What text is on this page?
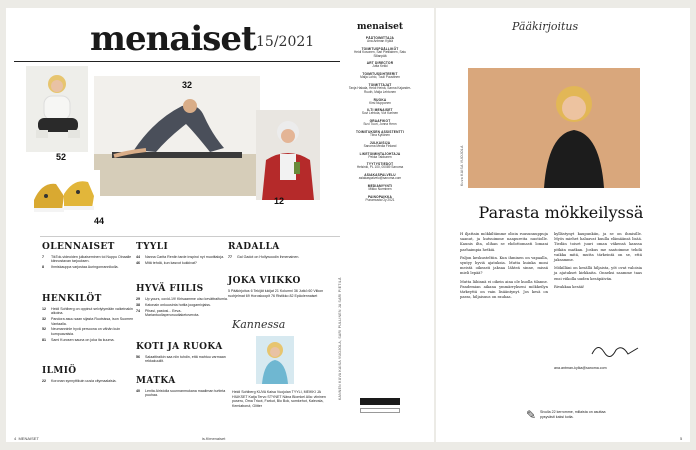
menaiset 15/2021
52
32
12
44
OLENNAISET
7	TikTok-videoiden julkaiseminen toi Nuppu Oinaalle kiinnostavan tarjouksen.
8	Ihmiskauppa varjostaa Auringonrannikolla.
HENKILÖT
12	Heidi Sohlberg on oppinut selviytymään vaikeinakin aikoina.
32	Pandora asuu saan sijasta Ruotsissa, ison Suomen Vantaalla.
52	Neumanninle hyvä persoona on vähän kuin kumpuavaisia.
81	Sami Kurosen sauna on joka ita kuuma.
ILMIÖ
22	Koronan synnyttikuin uusia citymaalaisia.
TYYLI
44	Nanna Carita Renlin tarde inspiroi nyt muotitaloja.
46	Mitä tehdä, kun kasvot kukkivat?
HYVÄ FIILIS
29	Up yours, covid-19! Kirisaamme uiso kevättraifumia.
38	Katonain onkuusinta hottia joogamixjaiss.
74	Pihasi, pastosi... Eeva-Mariantuoliaperunuutiaketoverota.
KOTI JA RUOKA
56	Salaattiraikin saa niin tuhdin, että mahtuu varmaan rekkakuuliit.
MATKA
40	Lenita Airistolla suunnanmukana maailman turtinta puuhaa.
RADALLA
77	Gal Gadot on Hollywoodin ihmenainen.
JOKA VIIKKO
5 Pääkirjoitus 6 Tekijät lukijat 21 Kolumni 36 Jutkö 60 Viikon ruohjelmat 69 Horoskoopit 76 Ristikko 82 Epäolennaiset
Kannessa
Heidi Sohlberg KUVA Kaisa Vuojolan TYYLI, MEIKKI JA HIUKSET Katja Tervo STYNET Näna Blomkel Alla: viininen puseru, Öma Tricot, Farkut, Blo Bok, somkehot, Kalevala, Kemiaborut, Glitter
menaiset
PÄÄTOIMITTAJA
Ana Antman Kylkä
TOIMITUSPÄÄLLIKÖT
Heidi Kosonen, Sari Pietilainen, Satu Sillanpää
ART DIRECTOR
Jutta Kekki
TOIMITUSSIHTEERIT
Malja Lohio, Tuuli Puustinen
TOIMITTAJAT
Tanja Hakala, Heidi Heinä, Sanna Kajander-Ruuth, Malja Lehtonen
RUOKA
Kirsi Nupponen
ILTI MENAISET
Suvi Lehtola, Vivi Karinen
GRAAFIKOT
Suvi Tuuri, Jonna Henn
TOIMITUKSEN ASSISTENTTI
Tiina Kyllönen
JULKAISIJA
Sanoma Media Finland
LIKETOIMINTAJOHTAJA
Pekka Takkunen
TYYTYSTIEDOT
Helsinki, PL 100, 00089 Sanoma
ASIAKASPALVELU
asiakaspalvelu@sanoma.com
MEDIAMYYNTI
Mikko Nurminen
PAINOPAIKKA
Punamusta Oy 2021
KANNEN KUVA KAISA VUOJOLA, SARI PULLINEN JA SARI PIETILÄ
4 MENAISET	is.fi/menaiset
Pääkirjoitus
Kuva KAISA VUOJOLA
Parasta mökkeilyssä

H iljattain mökkiltämme olisin ruusunnuppuja saanut, ja kutsuimme naapureita nuotiolle. Kaunis ilta, olihan se ehdottomasti lomani parhaimpia hetkiä.

Paljon keskusteltiin. Kun ihminen on vapaalla, syntyy hyviä ajatuksia. Mutta kuinka moni meistä oikeasti jaksaa lähteä sinne, missä mieli lepää?

Mutta lähinnä ei oikein aina ole kuolla tilanne. Pandemian aikana ymmärrykseni mökkeilyn tärkeyttä on vain lisääntynyt. Jos kesä on paras, hiljaisuus on rauhaa.

kyllästynyt kaupunkiin, ja se on ihmisille. Myös miehet haluavat kuulla elämäänsä lisää. Tiedän toiset juuri oman väkensä kanssa pitkän matkan. Joskus me saatoimme tehdä vaikka mitä, mutta tärkeintä on se, että jaksamme.

Mökilläni on kesällä hiljaista, yöt ovat valoisia ja ajatukset kirkkaita. Onneksi saamme taas ensi viikolla uuden kesäpäivän.

Rivakkaa kesää!

ana.antman-kylka@sanoma.com
✎ Sivulla 22 kerromme, millaista on asuttaa pysyvästi kaksi kotia.
5
